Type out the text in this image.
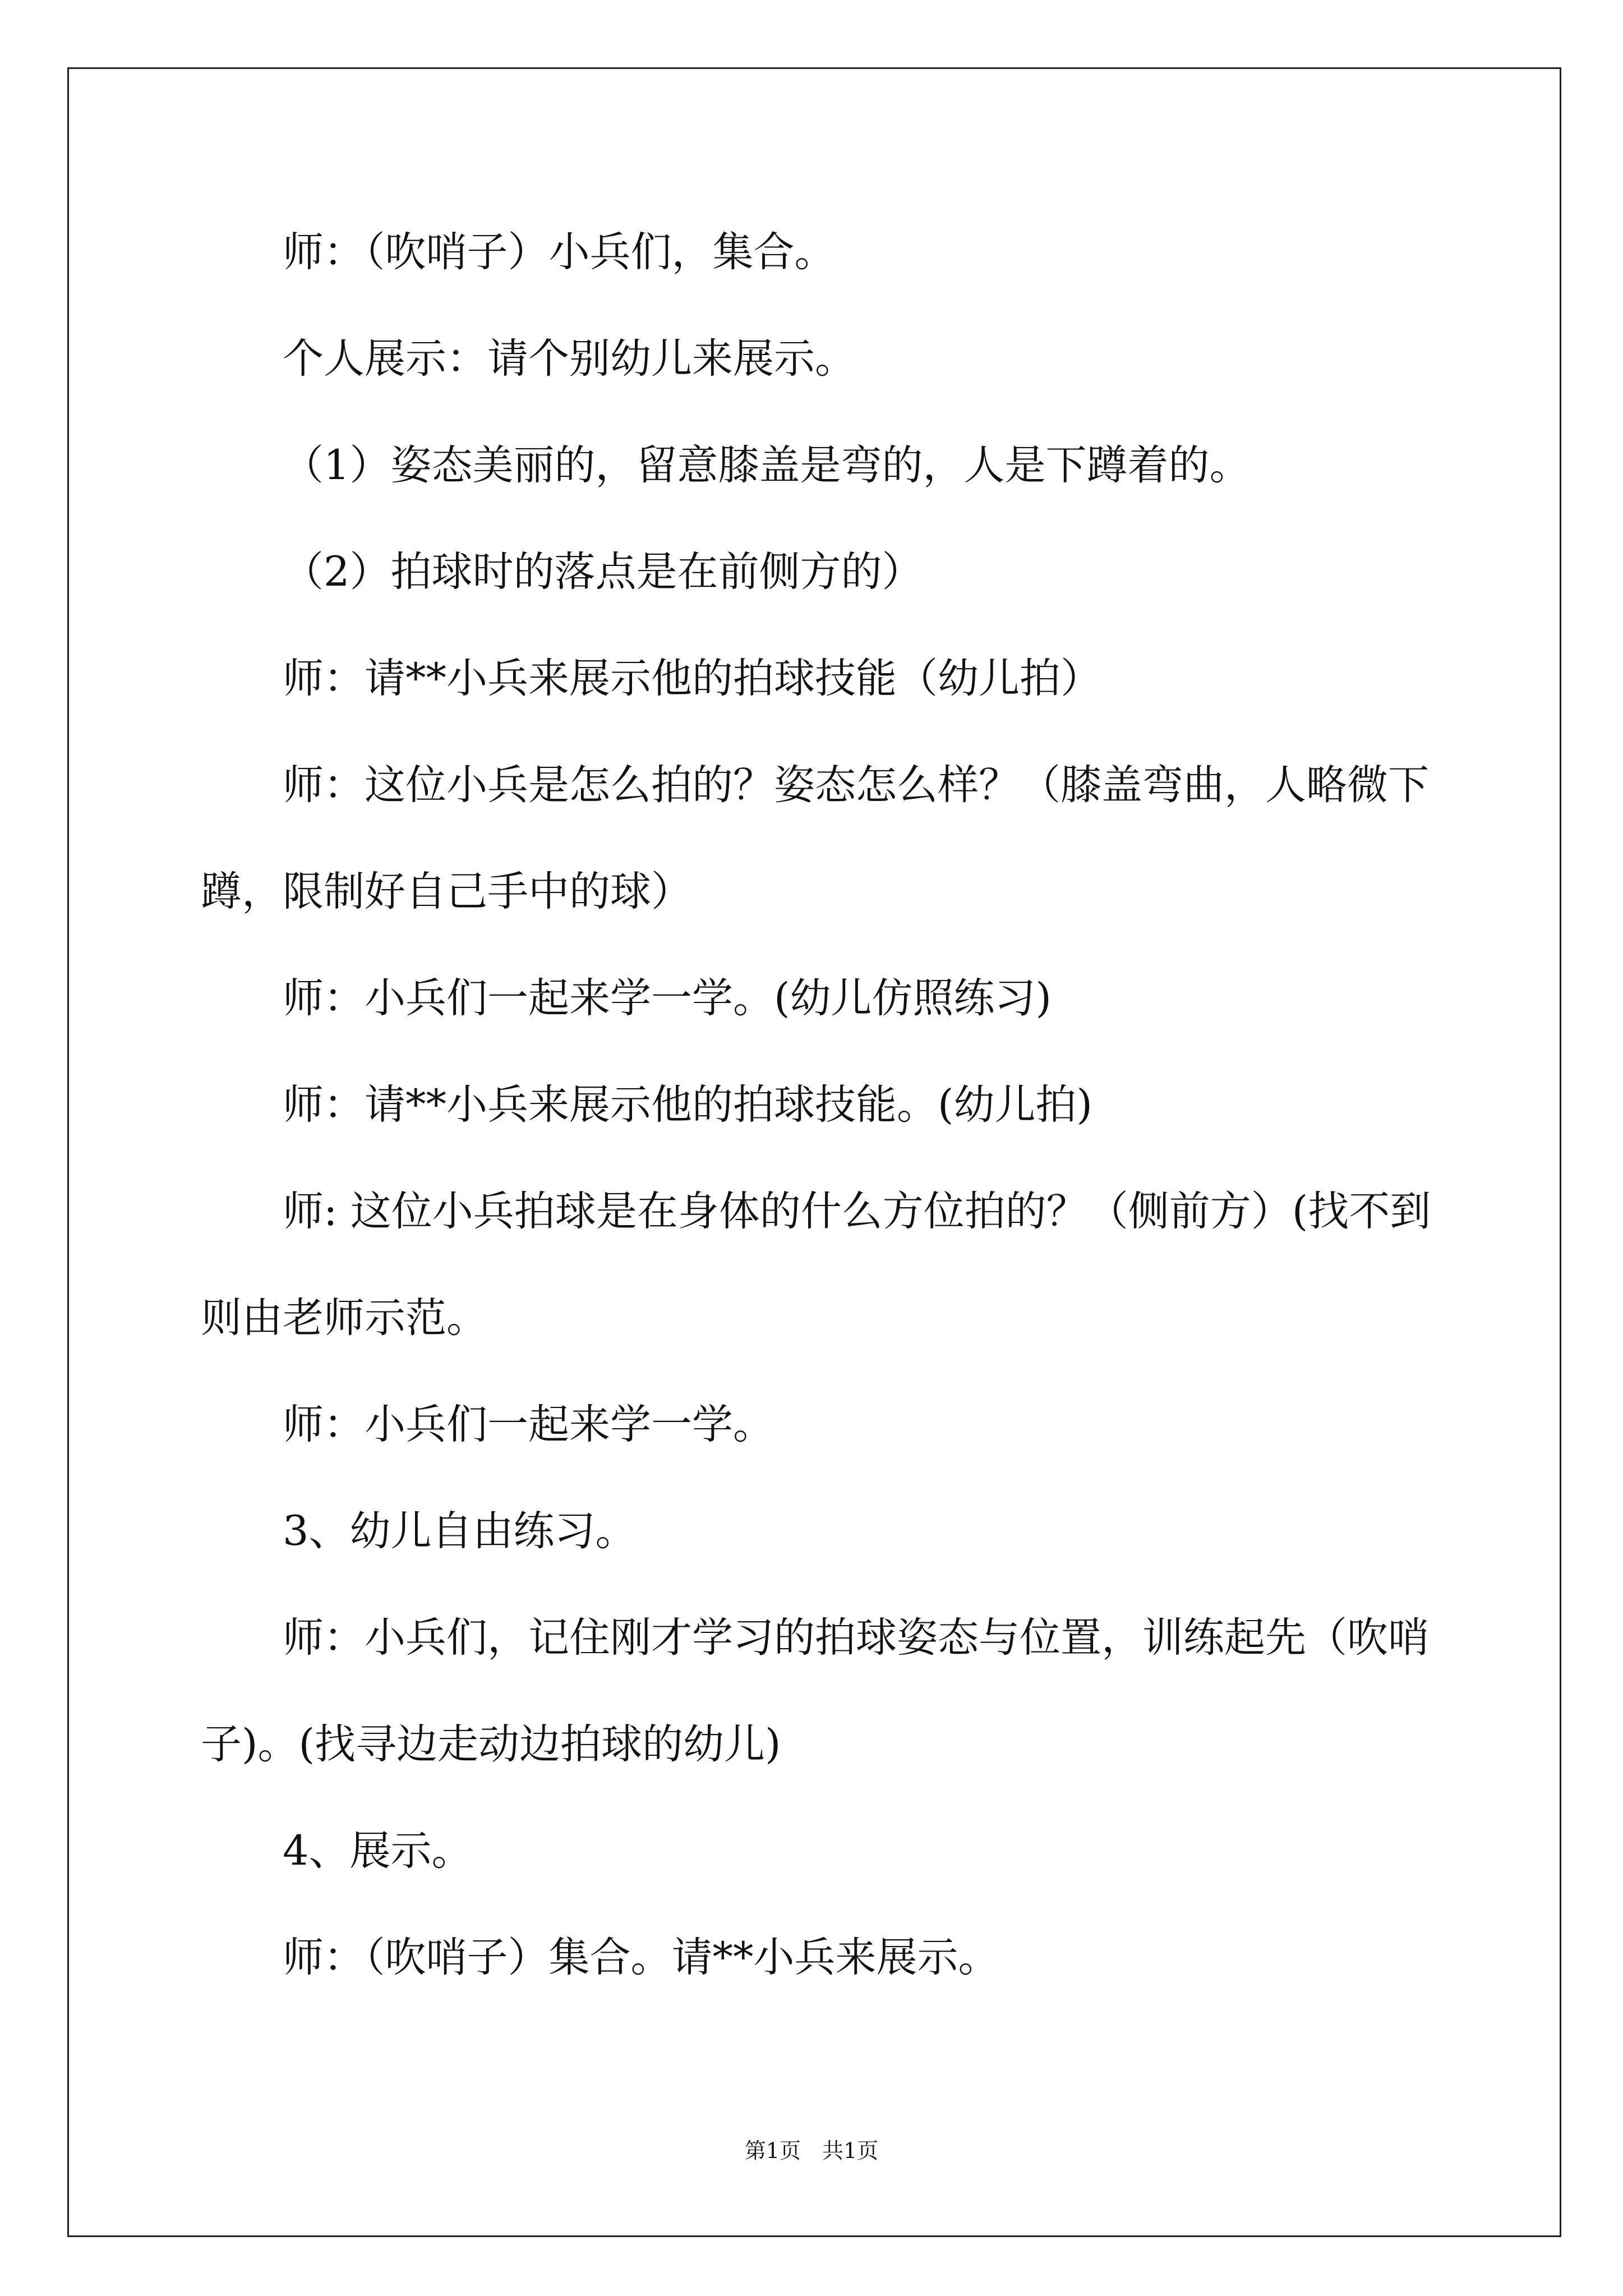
师：（吹哨子）小兵们，集合。
个人展示：请个别幼儿来展示。
（1）姿态美丽的，留意膝盖是弯的，人是下蹲着的。
（2）拍球时的落点是在前侧方的）
师：请**小兵来展示他的拍球技能（幼儿拍）
师：这位小兵是怎么拍的？姿态怎么样？（膝盖弯曲，人略微下
蹲，限制好自己手中的球）
师：小兵们一起来学一学。(幼儿仿照练习)
师：请**小兵来展示他的拍球技能。(幼儿拍)
师: 这位小兵拍球是在身体的什么方位拍的？（侧前方）(找不到
则由老师示范。
师：小兵们一起来学一学。
3、幼儿自由练习。
师：小兵们，记住刚才学习的拍球姿态与位置，训练起先（吹哨
子)。(找寻边走动边拍球的幼儿)
4、展示。
师：（吹哨子）集合。请**小兵来展示。
第1页　共1页
